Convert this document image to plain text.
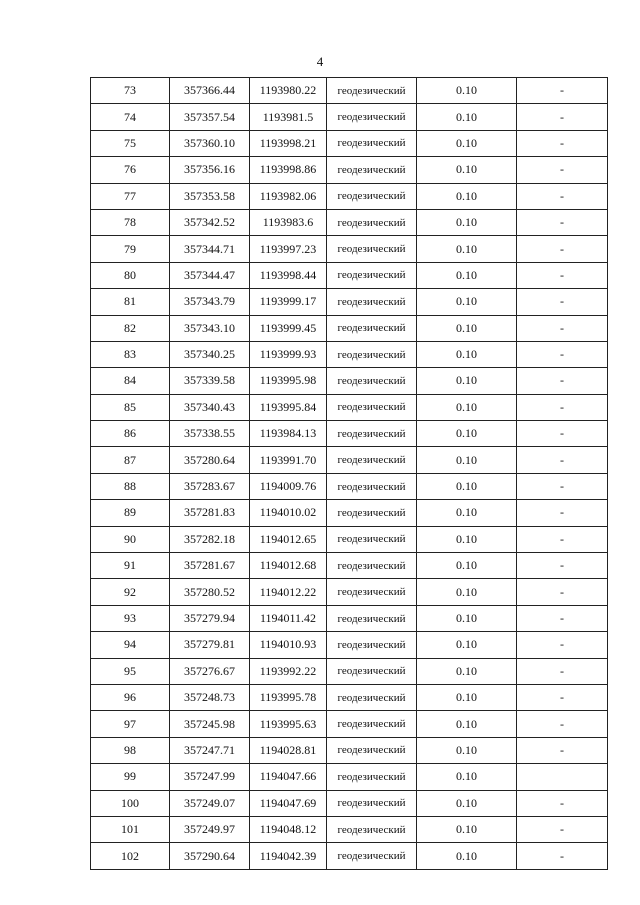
4
73	357366.44	1193980.22	геодезический	0.10	-
74	357357.54	1193981.5	геодезический	0.10	-
75	357360.10	1193998.21	геодезический	0.10	-
76	357356.16	1193998.86	геодезический	0.10	-
77	357353.58	1193982.06	геодезический	0.10	-
78	357342.52	1193983.6	геодезический	0.10	-
79	357344.71	1193997.23	геодезический	0.10	-
80	357344.47	1193998.44	геодезический	0.10	-
81	357343.79	1193999.17	геодезический	0.10	-
82	357343.10	1193999.45	геодезический	0.10	-
83	357340.25	1193999.93	геодезический	0.10	-
84	357339.58	1193995.98	геодезический	0.10	-
85	357340.43	1193995.84	геодезический	0.10	-
86	357338.55	1193984.13	геодезический	0.10	-
87	357280.64	1193991.70	геодезический	0.10	-
88	357283.67	1194009.76	геодезический	0.10	-
89	357281.83	1194010.02	геодезический	0.10	-
90	357282.18	1194012.65	геодезический	0.10	-
91	357281.67	1194012.68	геодезический	0.10	-
92	357280.52	1194012.22	геодезический	0.10	-
93	357279.94	1194011.42	геодезический	0.10	-
94	357279.81	1194010.93	геодезический	0.10	-
95	357276.67	1193992.22	геодезический	0.10	-
96	357248.73	1193995.78	геодезический	0.10	-
97	357245.98	1193995.63	геодезический	0.10	-
98	357247.71	1194028.81	геодезический	0.10	-
99	357247.99	1194047.66	геодезический	0.10	
100	357249.07	1194047.69	геодезический	0.10	-
101	357249.97	1194048.12	геодезический	0.10	-
102	357290.64	1194042.39	геодезический	0.10	-
